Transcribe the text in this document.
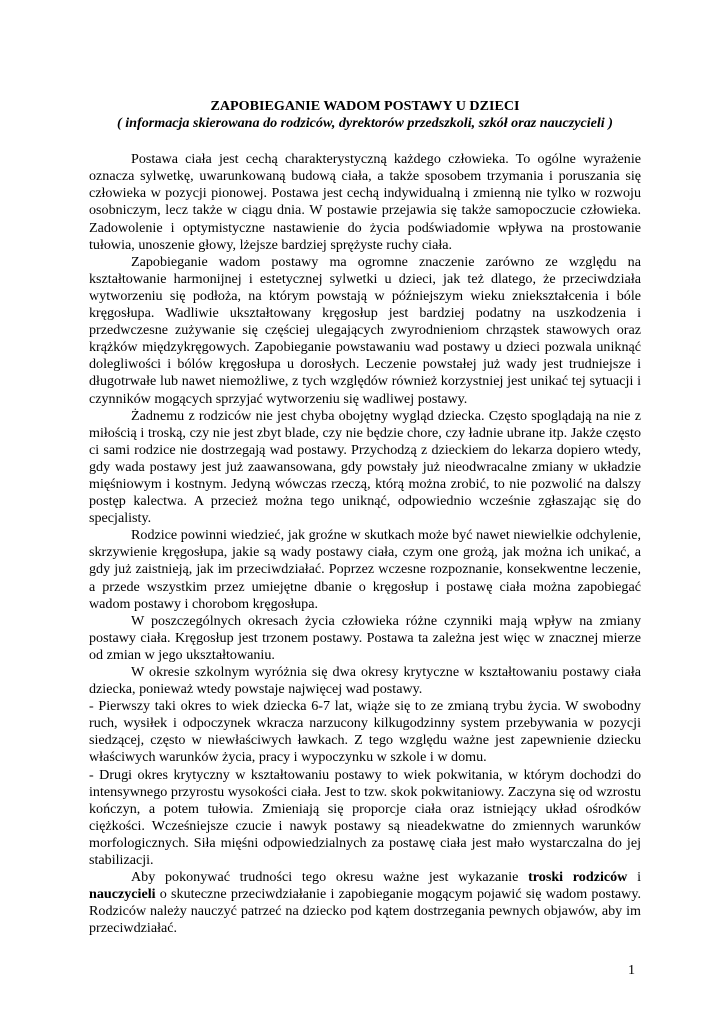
ZAPOBIEGANIE WADOM POSTAWY U DZIECI
( informacja skierowana do rodziców, dyrektorów przedszkoli, szkół oraz nauczycieli )

Postawa ciała jest cechą charakterystyczną każdego człowieka. To ogólne wyrażenie oznacza sylwetkę, uwarunkowaną budową ciała, a także sposobem trzymania i poruszania się człowieka w pozycji pionowej. Postawa jest cechą indywidualną i zmienną nie tylko w rozwoju osobniczym, lecz także w ciągu dnia. W postawie przejawia się także samopoczucie człowieka. Zadowolenie i optymistyczne nastawienie do życia podświadomie wpływa na prostowanie tułowia, unoszenie głowy, lżejsze bardziej sprężyste ruchy ciała.

Zapobieganie wadom postawy ma ogromne znaczenie zarówno ze względu na kształtowanie harmonijnej i estetycznej sylwetki u dzieci, jak też dlatego, że przeciwdziała wytworzeniu się podłoża, na którym powstają w późniejszym wieku zniekształcenia i bóle kręgosłupa. Wadliwie ukształtowany kręgosłup jest bardziej podatny na uszkodzenia i przedwczesne zużywanie się częściej ulegających zwyrodnieniom chrząstek stawowych oraz krążków międzykręgowych. Zapobieganie powstawaniu wad postawy u dzieci pozwala uniknąć dolegliwości i bólów kręgosłupa u dorosłych. Leczenie powstałej już wady jest trudniejsze i długotrwałe lub nawet niemożliwe, z tych względów również korzystniej jest unikać tej sytuacji i czynników mogących sprzyjać wytworzeniu się wadliwej postawy.

Żadnemu z rodziców nie jest chyba obojętny wygląd dziecka. Często spoglądają na nie z miłością i troską, czy nie jest zbyt blade, czy nie będzie chore, czy ładnie ubrane itp. Jakże często ci sami rodzice nie dostrzegają wad postawy. Przychodzą z dzieckiem do lekarza dopiero wtedy, gdy wada postawy jest już zaawansowana, gdy powstały już nieodwracalne zmiany w układzie mięśniowym i kostnym. Jedyną wówczas rzeczą, którą można zrobić, to nie pozwolić na dalszy postęp kalectwa. A przecież można tego uniknąć, odpowiednio wcześnie zgłaszając się do specjalisty.

Rodzice powinni wiedzieć, jak groźne w skutkach może być nawet niewielkie odchylenie, skrzywienie kręgosłupa, jakie są wady postawy ciała, czym one grożą, jak można ich unikać, a gdy już zaistnieją, jak im przeciwdziałać. Poprzez wczesne rozpoznanie, konsekwentne leczenie, a przede wszystkim przez umiejętne dbanie o kręgosłup i postawę ciała można zapobiegać wadom postawy i chorobom kręgosłupa.

W poszczególnych okresach życia człowieka różne czynniki mają wpływ na zmiany postawy ciała. Kręgosłup jest trzonem postawy. Postawa ta zależna jest więc w znacznej mierze od zmian w jego ukształtowaniu.

W okresie szkolnym wyróżnia się dwa okresy krytyczne w kształtowaniu postawy ciała dziecka, ponieważ wtedy powstaje najwięcej wad postawy.

- Pierwszy taki okres to wiek dziecka 6-7 lat, wiąże się to ze zmianą trybu życia. W swobodny ruch, wysiłek i odpoczynek wkracza narzucony kilkugodzinny system przebywania w pozycji siedzącej, często w niewłaściwych ławkach. Z tego względu ważne jest zapewnienie dziecku właściwych warunków życia, pracy i wypoczynku w szkole i w domu.

- Drugi okres krytyczny w kształtowaniu postawy to wiek pokwitania, w którym dochodzi do intensywnego przyrostu wysokości ciała. Jest to tzw. skok pokwitaniowy. Zaczyna się od wzrostu kończyn, a potem tułowia. Zmieniają się proporcje ciała oraz istniejący układ ośrodków ciężkości. Wcześniejsze czucie i nawyk postawy są nieadekwatne do zmiennych warunków morfologicznych. Siła mięśni odpowiedzialnych za postawę ciała jest mało wystarczalna do jej stabilizacji.

Aby pokonywać trudności tego okresu ważne jest wykazanie troski rodziców i nauczycieli o skuteczne przeciwdziałanie i zapobieganie mogącym pojawić się wadom postawy. Rodziców należy nauczyć patrzeć na dziecko pod kątem dostrzegania pewnych objawów, aby im przeciwdziałać.

1
